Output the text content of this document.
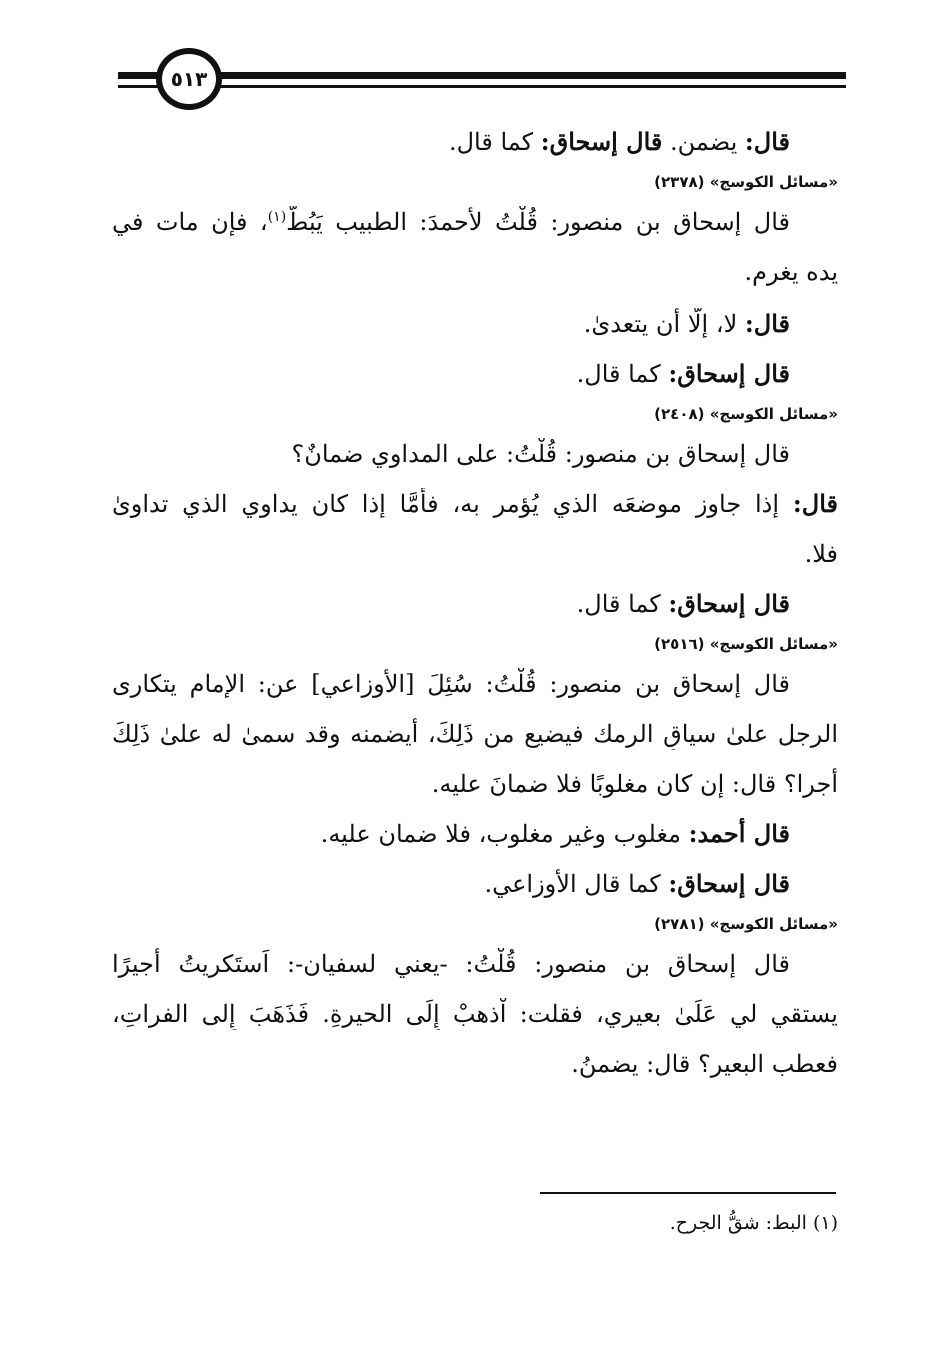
٥١٣
قال: يضمن. قال إسحاق: كما قال.
«مسائل الكوسج» (٢٣٧٨)
قال إسحاق بن منصور: قُلْتُ لأحمدَ: الطبيب يَبُطُّ$^{(١)}$، فإن مات في
يده يغرم.
قال: لا، إلَّا أن يتعدىٰ.
قال إسحاق: كما قال.
«مسائل الكوسج» (٢٤٠٨)
قال إسحاق بن منصور: قُلْتُ: على المداوي ضمانٌ؟
قال: إذا جاوز موضعَه الذي يُؤمر به، فأمَّا إذا كان يداوي الذي تداوىٰ
فلا.
قال إسحاق: كما قال.
«مسائل الكوسج» (٢٥١٦)
قال إسحاق بن منصور: قُلْتُ: سُئِلَ [الأوزاعي] عن: الإمام يتكارى
الرجل علىٰ سياقِ الرمك فيضيع من ذَلِكَ، أيضمنه وقد سمىٰ له علىٰ ذَلِكَ
أجرا؟ قال: إن كان مغلوبًا فلا ضمانَ عليه.
قال أحمد: مغلوب وغير مغلوب، فلا ضمان عليه.
قال إسحاق: كما قال الأوزاعي.
«مسائل الكوسج» (٢٧٨١)
قال إسحاق بن منصور: قُلْتُ: -يعني لسفيان-: اَستَكريتُ أجيرًا
يستقي لي عَلَىٰ بعيري، فقلت: اْذهبْ إِلَى الحيرةِ. فَذَهَبَ إِلى الفراتِ،
فعطب البعير؟ قال: يضمنُ.
(١) البط: شقُّ الجرح.
